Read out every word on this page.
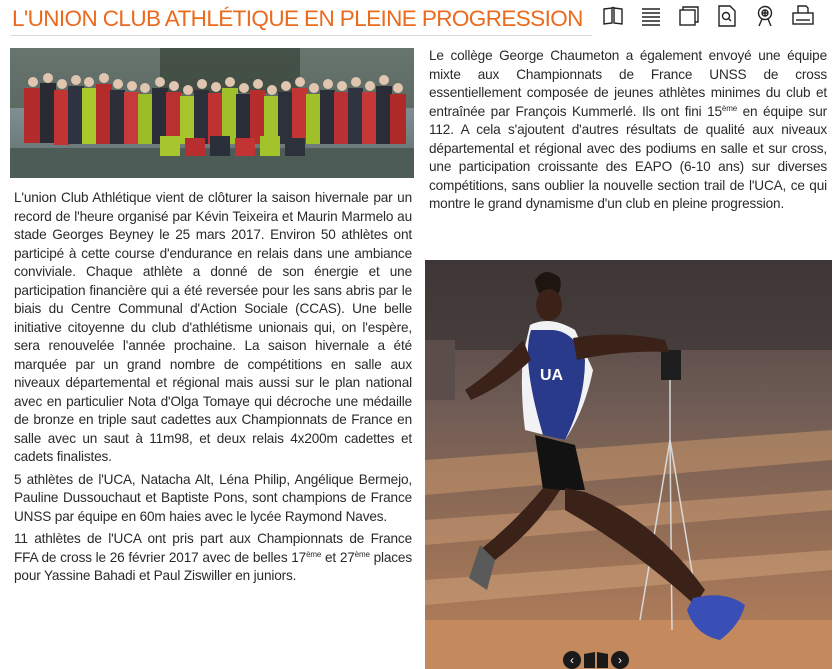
L'UNION CLUB ATHLÉTIQUE EN PLEINE PROGRESSION

L'union Club Athlétique vient de clôturer la saison hivernale par un record de l'heure organisé par Kévin Teixeira et Maurin Marmelo au stade Georges Beyney le 25 mars 2017. Environ 50 athlètes ont participé à cette course d'endurance en relais dans une ambiance conviviale. Chaque athlète a donné de son énergie et une participation financière qui a été reversée pour les sans abris par le biais du Centre Communal d'Action Sociale (CCAS). Une belle initiative citoyenne du club d'athlétisme unionais qui, on l'espère, sera renouvelée l'année prochaine. La saison hivernale a été marquée par un grand nombre de compétitions en salle aux niveaux départemental et régional mais aussi sur le plan national avec en particulier Nota d'Olga Tomaye qui décroche une médaille de bronze en triple saut cadettes aux Championnats de France en salle avec un saut à 11m98, et deux relais 4x200m cadettes et cadets finalistes.

5 athlètes de l'UCA, Natacha Alt, Léna Philip, Angélique Bermejo, Pauline Dussouchaut et Baptiste Pons, sont champions de France UNSS par équipe en 60m haies avec le lycée Raymond Naves.

11 athlètes de l'UCA ont pris part aux Championnats de France FFA de cross le 26 février 2017 avec de belles 17ème et 27ème places pour Yassine Bahadi et Paul Ziswiller en juniors.

Le collège George Chaumeton a également envoyé une équipe mixte aux Championnats de France UNSS de cross essentiellement composée de jeunes athlètes minimes du club et entraînée par François Kummerlé. Ils ont fini 15ème en équipe sur 112. A cela s'ajoutent d'autres résultats de qualité aux niveaux départemental et régional avec des podiums en salle et sur cross, une participation croissante des EAPO (6-10 ans) sur diverses compétitions, sans oublier la nouvelle section trail de l'UCA, ce qui montre le grand dynamisme d'un club en pleine progression.

UA
‹	›
